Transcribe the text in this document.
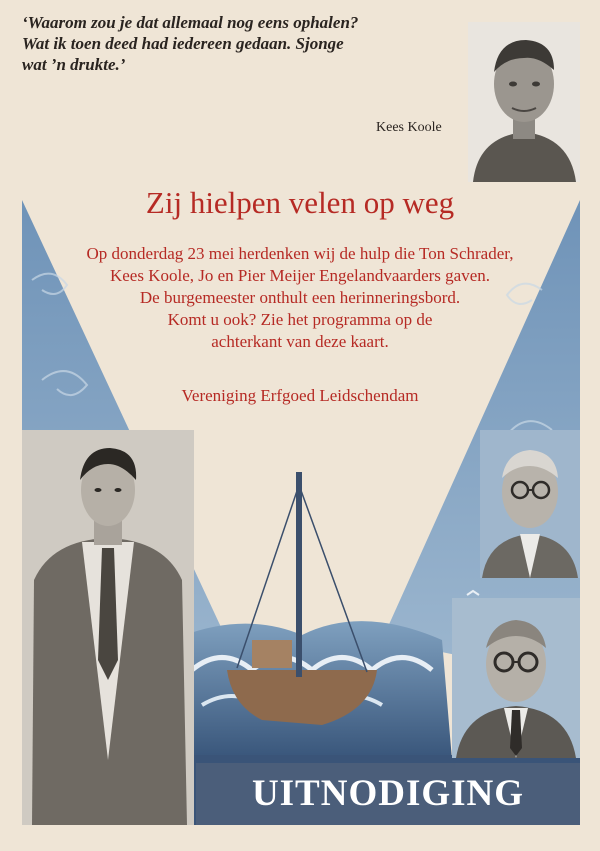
‘Waarom zou je dat allemaal nog eens ophalen?
Wat ik toen deed had iedereen gedaan. Sjonge
wat ’n drukte.’
Kees Koole
Zij hielpen velen op weg
Op donderdag 23 mei herdenken wij de hulp die Ton Schrader,
Kees Koole, Jo en Pier Meijer Engelandvaarders gaven.
De burgemeester onthult een herinneringsbord.
Komt u ook? Zie het programma op de
achterkant van deze kaart.
Vereniging Erfgoed Leidschendam
UITNODIGING
